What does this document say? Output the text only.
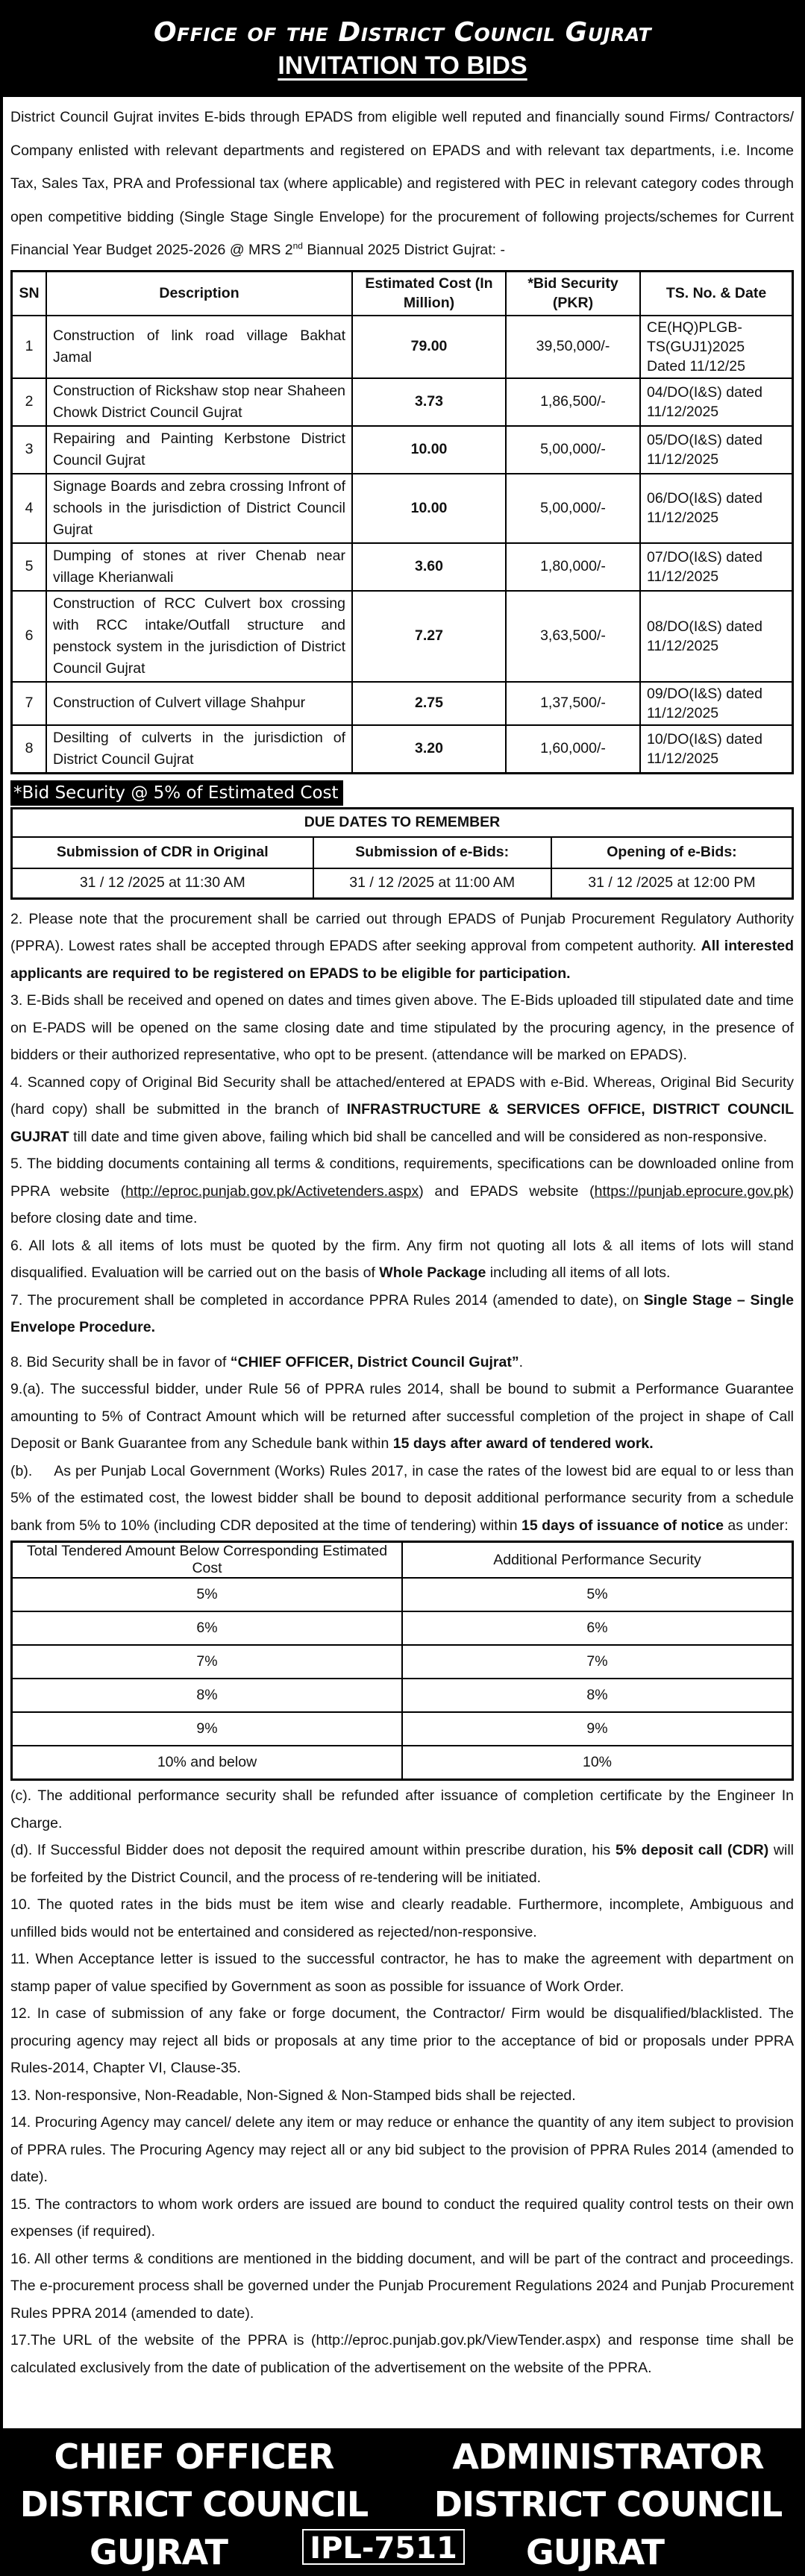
Office of the District Council Gujrat
INVITATION TO BIDS

District Council Gujrat invites E-bids through EPADS from eligible well reputed and financially sound Firms/ Contractors/ Company enlisted with relevant departments and registered on EPADS and with relevant tax departments, i.e. Income Tax, Sales Tax, PRA and Professional tax (where applicable) and registered with PEC in relevant category codes through open competitive bidding (Single Stage Single Envelope) for the procurement of following projects/schemes for Current Financial Year Budget 2025-2026 @ MRS 2nd Biannual 2025 District Gujrat: -

SN	Description	Estimated Cost (In Million)	*Bid Security (PKR)	TS. No. & Date
1	Construction of link road village Bakhat Jamal	79.00	39,50,000/-	CE(HQ)PLGB-TS(GUJ1)2025 Dated 11/12/25
2	Construction of Rickshaw stop near Shaheen Chowk District Council Gujrat	3.73	1,86,500/-	04/DO(I&S) dated 11/12/2025
3	Repairing and Painting Kerbstone District Council Gujrat	10.00	5,00,000/-	05/DO(I&S) dated 11/12/2025
4	Signage Boards and zebra crossing Infront of schools in the jurisdiction of District Council Gujrat	10.00	5,00,000/-	06/DO(I&S) dated 11/12/2025
5	Dumping of stones at river Chenab near village Kherianwali	3.60	1,80,000/-	07/DO(I&S) dated 11/12/2025
6	Construction of RCC Culvert box crossing with RCC intake/Outfall structure and penstock system in the jurisdiction of District Council Gujrat	7.27	3,63,500/-	08/DO(I&S) dated 11/12/2025
7	Construction of Culvert village Shahpur	2.75	1,37,500/-	09/DO(I&S) dated 11/12/2025
8	Desilting of culverts in the jurisdiction of District Council Gujrat	3.20	1,60,000/-	10/DO(I&S) dated 11/12/2025
*Bid Security @ 5% of Estimated Cost
DUE DATES TO REMEMBER		
Submission of CDR in Original	Submission of e-Bids:	Opening of e-Bids:
31 / 12 /2025 at 11:30 AM	31 / 12 /2025 at 11:00 AM	31 / 12 /2025 at 12:00 PM

2. Please note that the procurement shall be carried out through EPADS of Punjab Procurement Regulatory Authority (PPRA). Lowest rates shall be accepted through EPADS after seeking approval from competent authority. All interested applicants are required to be registered on EPADS to be eligible for participation.

3. E-Bids shall be received and opened on dates and times given above. The E-Bids uploaded till stipulated date and time on E-PADS will be opened on the same closing date and time stipulated by the procuring agency, in the presence of bidders or their authorized representative, who opt to be present. (attendance will be marked on EPADS).

4. Scanned copy of Original Bid Security shall be attached/entered at EPADS with e-Bid. Whereas, Original Bid Security (hard copy) shall be submitted in the branch of INFRASTRUCTURE & SERVICES OFFICE, DISTRICT COUNCIL GUJRAT till date and time given above, failing which bid shall be cancelled and will be considered as non-responsive.

5. The bidding documents containing all terms & conditions, requirements, specifications can be downloaded online from PPRA website (http://eproc.punjab.gov.pk/Activetenders.aspx) and EPADS website (https://punjab.eprocure.gov.pk) before closing date and time.

6. All lots & all items of lots must be quoted by the firm. Any firm not quoting all lots & all items of lots will stand disqualified. Evaluation will be carried out on the basis of Whole Package including all items of all lots.

7. The procurement shall be completed in accordance PPRA Rules 2014 (amended to date), on Single Stage – Single Envelope Procedure.

8. Bid Security shall be in favor of “CHIEF OFFICER, District Council Gujrat”.

9.(a). The successful bidder, under Rule 56 of PPRA rules 2014, shall be bound to submit a Performance Guarantee amounting to 5% of Contract Amount which will be returned after successful completion of the project in shape of Call Deposit or Bank Guarantee from any Schedule bank within 15 days after award of tendered work.

(b).     As per Punjab Local Government (Works) Rules 2017, in case the rates of the lowest bid are equal to or less than 5% of the estimated cost, the lowest bidder shall be bound to deposit additional performance security from a schedule bank from 5% to 10% (including CDR deposited at the time of tendering) within 15 days of issuance of notice as under:

Total Tendered Amount Below Corresponding Estimated Cost	Additional Performance Security
5%	5%
6%	6%
7%	7%
8%	8%
9%	9%
10% and below	10%

(c). The additional performance security shall be refunded after issuance of completion certificate by the Engineer In Charge.

(d). If Successful Bidder does not deposit the required amount within prescribe duration, his 5% deposit call (CDR) will be forfeited by the District Council, and the process of re-tendering will be initiated.

10. The quoted rates in the bids must be item wise and clearly readable. Furthermore, incomplete, Ambiguous and unfilled bids would not be entertained and considered as rejected/non-responsive.

11. When Acceptance letter is issued to the successful contractor, he has to make the agreement with department on stamp paper of value specified by Government as soon as possible for issuance of Work Order.

12. In case of submission of any fake or forge document, the Contractor/ Firm would be disqualified/blacklisted. The procuring agency may reject all bids or proposals at any time prior to the acceptance of bid or proposals under PPRA Rules-2014, Chapter VI, Clause-35.

13. Non-responsive, Non-Readable, Non-Signed & Non-Stamped bids shall be rejected.

14. Procuring Agency may cancel/ delete any item or may reduce or enhance the quantity of any item subject to provision of PPRA rules. The Procuring Agency may reject all or any bid subject to the provision of PPRA Rules 2014 (amended to date).

15. The contractors to whom work orders are issued are bound to conduct the required quality control tests on their own expenses (if required).

16. All other terms & conditions are mentioned in the bidding document, and will be part of the contract and proceedings. The e-procurement process shall be governed under the Punjab Procurement Regulations 2024 and Punjab Procurement Rules PPRA 2014 (amended to date).

17.The URL of the website of the PPRA is (http://eproc.punjab.gov.pk/ViewTender.aspx) and response time shall be calculated exclusively from the date of publication of the advertisement on the website of the PPRA.

CHIEF OFFICER
DISTRICT COUNCIL
GUJRAT
ADMINISTRATOR
DISTRICT COUNCIL
GUJRAT
IPL-7511
